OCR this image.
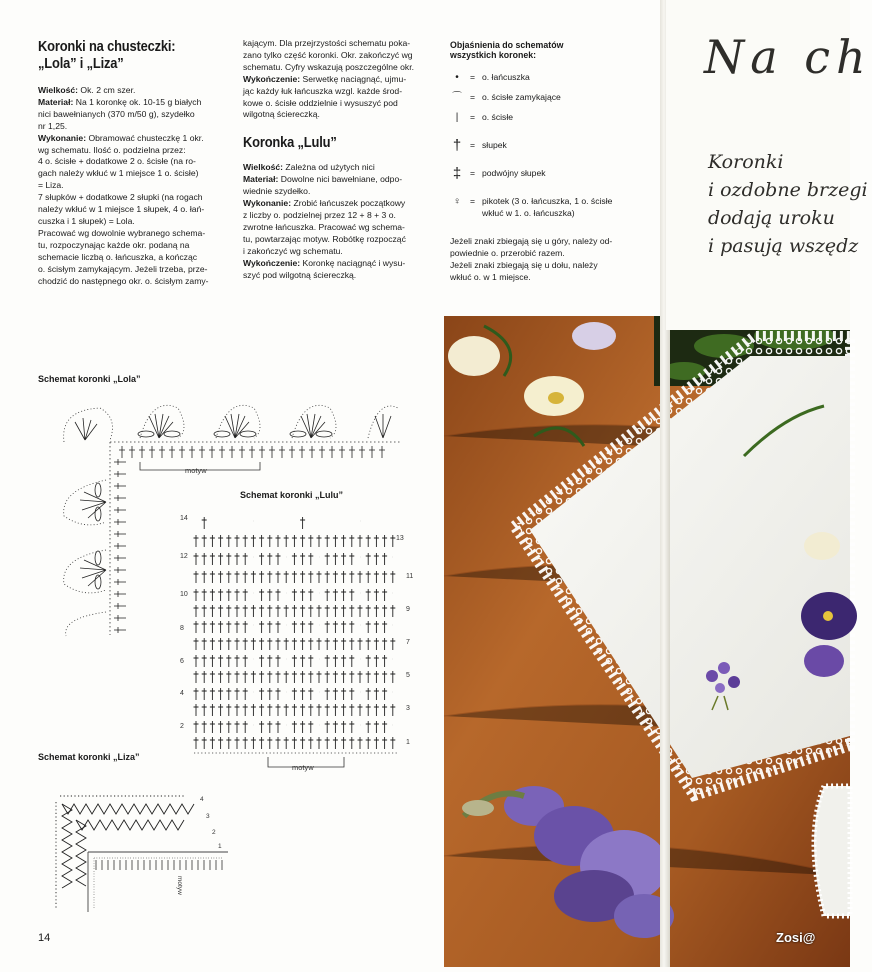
Koronki na chusteczki:
„Lola” i „Liza”

Wielkość: Ok. 2 cm szer.

Materiał: Na 1 koronkę ok. 10-15 g białych
nici bawełnianych (370 m/50 g), szydełko
nr 1,25.

Wykonanie: Obramować chusteczkę 1 okr.
wg schematu. Ilość o. podzielna przez:
4 o. ścisłe + dodatkowe 2 o. ścisłe (na ro-
gach należy wkłuć w 1 miejsce 1 o. ścisłe)
= Liza.

7 słupków + dodatkowe 2 słupki (na rogach
należy wkłuć w 1 miejsce 1 słupek, 4 o. łań-
cuszka i 1 słupek) = Lola.

Pracować wg dowolnie wybranego schema-
tu, rozpoczynając każde okr. podaną na
schemacie liczbą o. łańcuszka, a kończąc
o. ścisłym zamykającym. Jeżeli trzeba, prze-
chodzić do następnego okr. o. ścisłym zamy-

kającym. Dla przejrzystości schematu poka-
zano tylko część koronki. Okr. zakończyć wg
schematu. Cyfry wskazują poszczególne okr.

Wykończenie: Serwetkę naciągnąć, ujmu-
jąc każdy łuk łańcuszka wzgl. każde środ-
kowe o. ścisłe oddzielnie i wysuszyć pod
wilgotną ściereczką.

Koronka „Lulu”

Wielkość: Zależna od użytych nici

Materiał: Dowolne nici bawełniane, odpo-
wiednie szydełko.

Wykonanie: Zrobić łańcuszek początkowy
z liczby o. podzielnej przez 12 + 8 + 3 o.
zwrotne łańcuszka. Pracować wg schema-
tu, powtarzając motyw. Robótkę rozpocząć
i zakończyć wg schematu.

Wykończenie: Koronkę naciągnąć i wysu-
szyć pod wilgotną ściereczką.

Objaśnienia do schematów
wszystkich koronek:
•	= o. łańcuszka
⌒ = o. ścisłe zamykające
|	= o. ścisłe
†	= słupek
‡	= podwójny słupek
♀	= pikotek (3 o. łańcuszka, 1 o. ścisłe wkłuć w 1. o. łańcuszka)
Jeżeli znaki zbiegają się u góry, należy od-
powiednie o. przerobić razem.
Jeżeli znaki zbiegają się u dołu, należy
wkłuć o. w 1 miejsce.
Schemat koronki „Lola”
Schemat koronki „Lulu”
Schemat koronki „Liza”
motyw
14
12
10
8
6
4
2
13
11
9
7
5
3
1
motyw
4
3
2
1
motyw
14
Na ch
Koronki
i ozdobne brzegi
dodają uroku
i pasują wszędz
Zosi@
